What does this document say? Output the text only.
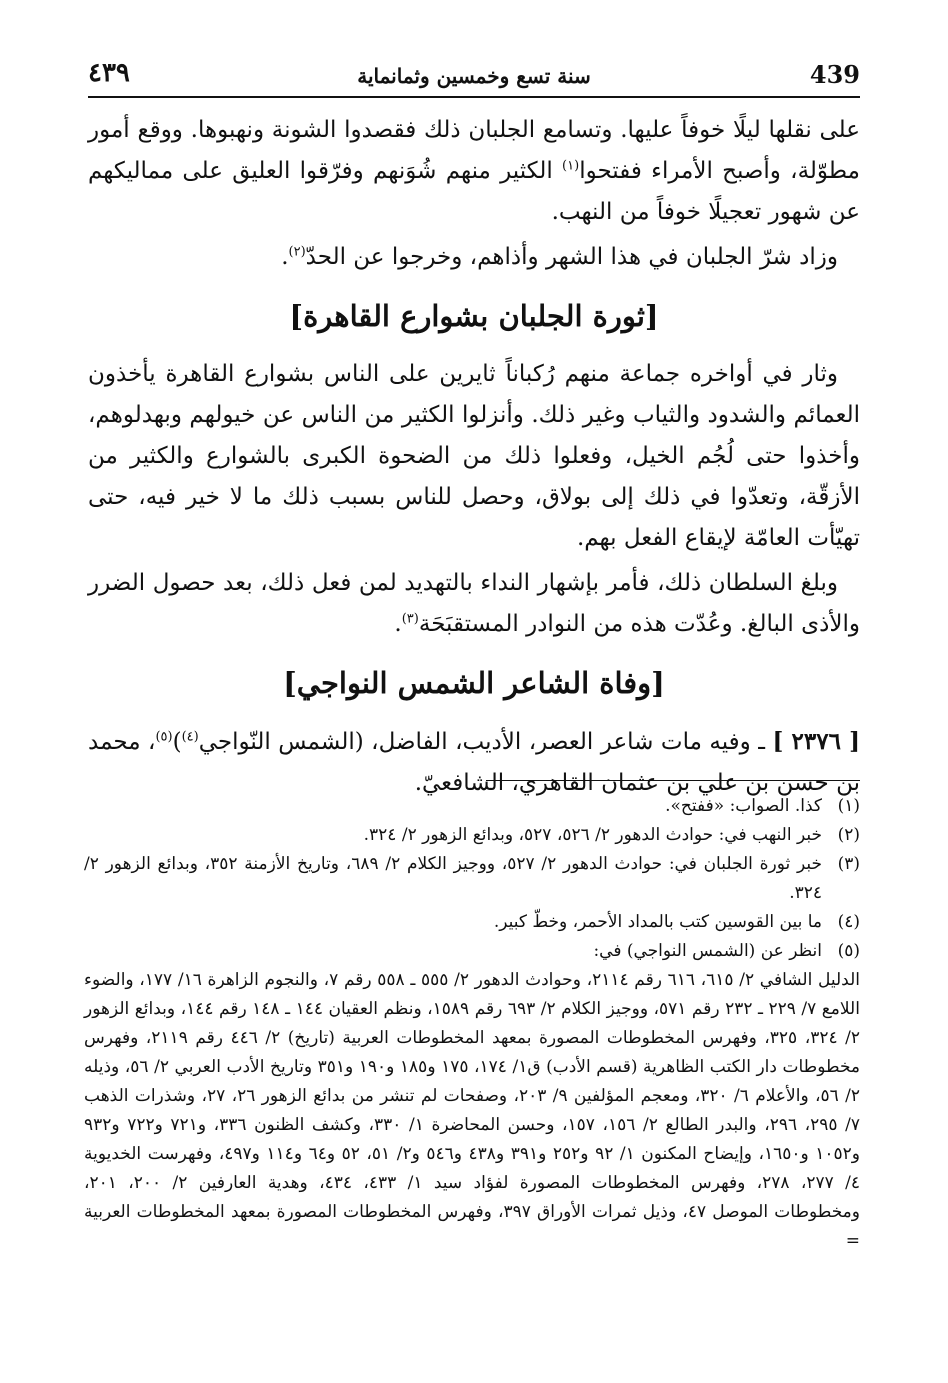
٤٣٩	سنة تسع وخمسين وثمانماية	439

على نقلها ليلًا خوفاً عليها. وتسامع الجلبان ذلك فقصدوا الشونة ونهبوها. ووقع أمور مطوّلة، وأصبح الأمراء ففتحوا$^{(١)}$ الكثير منهم شُوَنهم وفرّقوا العليق على مماليكهم عن شهور تعجيلًا خوفاً من النهب.

وزاد شرّ الجلبان في هذا الشهر وأذاهم، وخرجوا عن الحدّ$^{(٢)}$.

[ثورة الجلبان بشوارع القاهرة]

وثار في أواخره جماعة منهم رُكباناً ثايرين على الناس بشوارع القاهرة يأخذون العمائم والشدود والثياب وغير ذلك. وأنزلوا الكثير من الناس عن خيولهم وبهدلوهم، وأخذوا حتى لُجُم الخيل، وفعلوا ذلك من الضحوة الكبرى بالشوارع والكثير من الأزقّة، وتعدّوا في ذلك إلى بولاق، وحصل للناس بسبب ذلك ما لا خير فيه، حتى تهيّأت العامّة لإيقاع الفعل بهم.

وبلغ السلطان ذلك، فأمر بإشهار النداء بالتهديد لمن فعل ذلك، بعد حصول الضرر والأذى البالغ. وعُدّت هذه من النوادر المستقبَحَة$^{(٣)}$.

[وفاة الشاعر الشمس النواجي]

[ ٢٣٧٦ ] ـ وفيه مات شاعر العصر، الأديب، الفاضل، (الشمس النّواجي$^{(٤)}$)$^{(٥)}$، محمد بن حسن بن علي بن عثمان القاهري، الشافعيّ.

(١)
كذا. الصواب: «ففتح».
(٢)
خبر النهب في: حوادث الدهور ٢/ ٥٢٦، ٥٢٧، وبدائع الزهور ٢/ ٣٢٤.
(٣)
خبر ثورة الجلبان في: حوادث الدهور ٢/ ٥٢٧، ووجيز الكلام ٢/ ٦٨٩، وتاريخ الأزمنة ٣٥٢، وبدائع الزهور ٢/ ٣٢٤.
(٤)
ما بين القوسين كتب بالمداد الأحمر، وخطّ كبير.
(٥)
انظر عن (الشمس النواجي) في:
الدليل الشافي ٢/ ٦١٥، ٦١٦ رقم ٢١١٤، وحوادث الدهور ٢/ ٥٥٥ ـ ٥٥٨ رقم ٧، والنجوم الزاهرة ١٦/ ١٧٧، والضوء اللامع ٧/ ٢٢٩ ـ ٢٣٢ رقم ٥٧١، ووجيز الكلام ٢/ ٦٩٣ رقم ١٥٨٩، ونظم العقيان ١٤٤ ـ ١٤٨ رقم ١٤٤، وبدائع الزهور ٢/ ٣٢٤، ٣٢٥، وفهرس المخطوطات المصورة بمعهد المخطوطات العربية (تاريخ) ٢/ ٤٤٦ رقم ٢١١٩، وفهرس مخطوطات دار الكتب الظاهرية (قسم الأدب) ق١/ ١٧٤، ١٧٥ و١٨٥ و١٩٠ و٣٥١ وتاريخ الأدب العربي ٢/ ٥٦، وذيله ٢/ ٥٦، والأعلام ٦/ ٣٢٠، ومعجم المؤلفين ٩/ ٢٠٣، وصفحات لم تنشر من بدائع الزهور ٢٦، ٢٧، وشذرات الذهب ٧/ ٢٩٥، ٢٩٦، والبدر الطالع ٢/ ١٥٦، ١٥٧، وحسن المحاضرة ١/ ٣٣٠، وكشف الظنون ٣٣٦، و٧٢١ و٧٢٢ و٩٣٢ و١٠٥٢ و١٦٥٠، وإيضاح المكنون ١/ ٩٢ و٢٥٢ و٣٩١ و٤٣٨ و٥٤٦ و٢/ ٥١، ٥٢ و٦٤ و١١٤ و٤٩٧، وفهرست الخديوية ٤/ ٢٧٧، ٢٧٨، وفهرس المخطوطات المصورة لفؤاد سيد ١/ ٤٣٣، ٤٣٤، وهدية العارفين ٢/ ٢٠٠، ٢٠١، ومخطوطات الموصل ٤٧، وذيل ثمرات الأوراق ٣٩٧، وفهرس المخطوطات المصورة بمعهد المخطوطات العربية =
